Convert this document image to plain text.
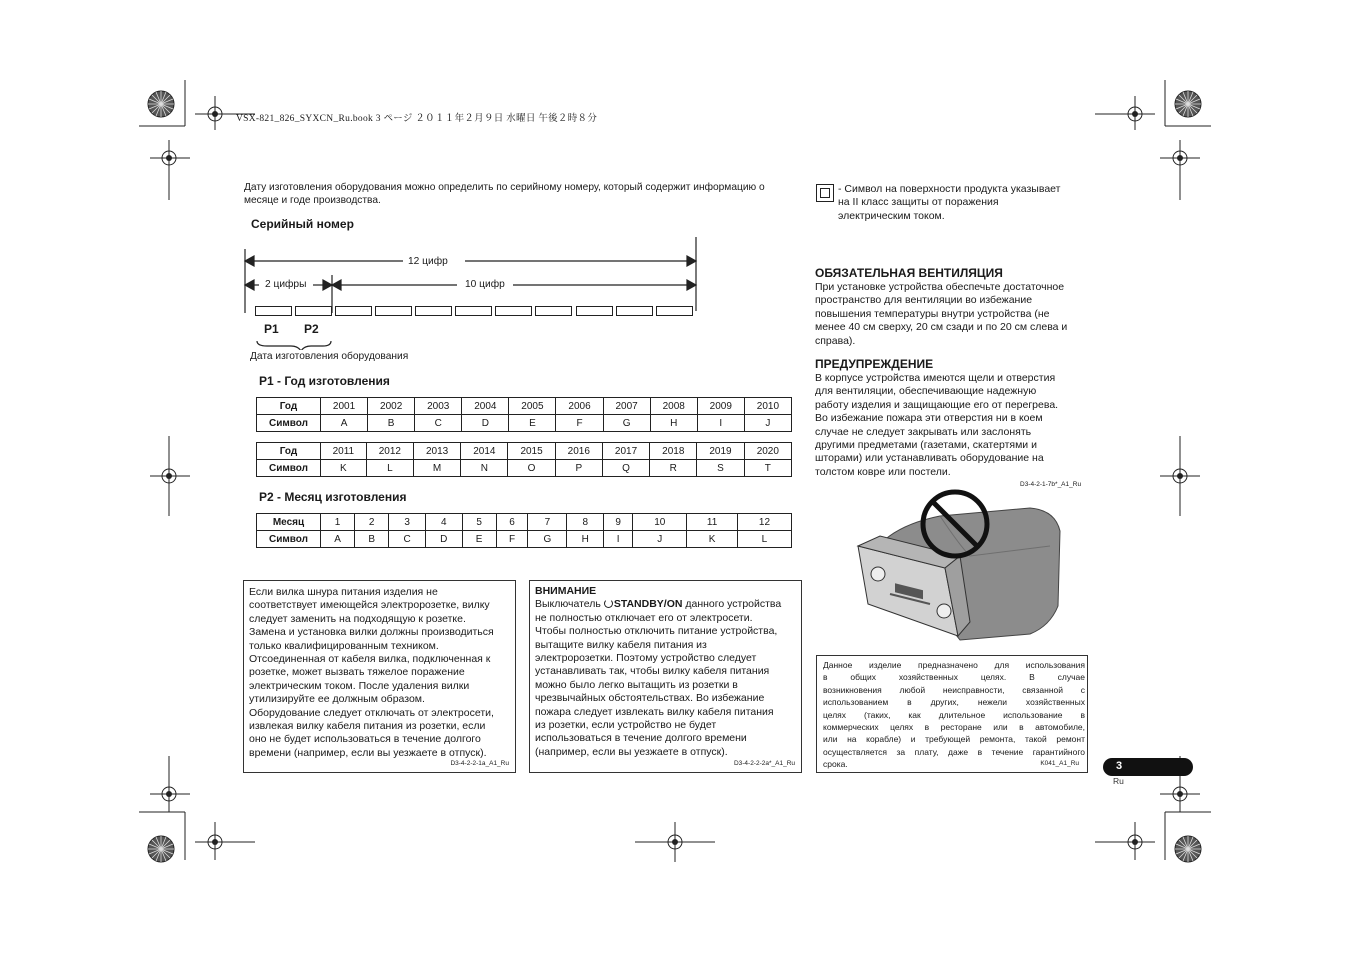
VSX-821_826_SYXCN_Ru.book 3 ページ ２０１１年２月９日 水曜日 午後２時８分
Дату изготовления оборудования можно определить по серийному номеру, который содержит информацию о месяце и годе производства.
Серийный номер
12 цифр
2 цифры	10 цифр
P1 P2
Дата изготовления оборудования
P1 - Год изготовления
Год	2001	2002	2003	2004	2005	2006	2007	2008	2009	2010
Символ	A	B	C	D	E	F	G	H	I	J
Год	2011	2012	2013	2014	2015	2016	2017	2018	2019	2020
Символ	K	L	M	N	O	P	Q	R	S	T
P2 - Месяц изготовления
Месяц	1	2	3	4	5	6	7	8	9	10	11	12
Символ	A	B	C	D	E	F	G	H	I	J	K	L
Если вилка шнура питания изделия не
соответствует имеющейся электророзетке, вилку
следует заменить на подходящую к розетке.
Замена и установка вилки должны производиться
только квалифицированным техником.
Отсоединенная от кабеля вилка, подключенная к
розетке, может вызвать тяжелое поражение
электрическим током. После удаления вилки
утилизируйте ее должным образом.
Оборудование следует отключать от электросети,
извлекая вилку кабеля питания из розетки, если
оно не будет использоваться в течение долгого
времени (например, если вы уезжаете в отпуск).
D3-4-2-2-1a_A1_Ru
ВНИМАНИЕ
Выключатель STANDBY/ON данного устройства
не полностью отключает его от электросети.
Чтобы полностью отключить питание устройства,
вытащите вилку кабеля питания из
электророзетки. Поэтому устройство следует
устанавливать так, чтобы вилку кабеля питания
можно было легко вытащить из розетки в
чрезвычайных обстоятельствах. Во избежание
пожара следует извлекать вилку кабеля питания
из розетки, если устройство не будет
использоваться в течение долгого времени
(например, если вы уезжаете в отпуск).
D3-4-2-2-2a*_A1_Ru
- Символ на поверхности продукта указывает
на II класс защиты от поражения
электрическим током.
ОБЯЗАТЕЛЬНАЯ ВЕНТИЛЯЦИЯ
При установке устройства обеспечьте достаточное
пространство для вентиляции во избежание
повышения температуры внутри устройства (не
менее 40 см сверху, 20 см сзади и по 20 см слева и
справа).
ПРЕДУПРЕЖДЕНИЕ
В корпусе устройства имеются щели и отверстия
для вентиляции, обеспечивающие надежную
работу изделия и защищающие его от перегрева.
Во избежание пожара эти отверстия ни в коем
случае не следует закрывать или заслонять
другими предметами (газетами, скатертями и
шторами) или устанавливать оборудование на
толстом ковре или постели.
D3-4-2-1-7b*_A1_Ru
Данное изделие предназначено для использования
в общих хозяйственных целях. В случае
возникновения любой неисправности, связанной с
использованием в других, нежели хозяйственных
целях (таких, как длительное использование в
коммерческих целях в ресторане или в автомобиле,
или на корабле) и требующей ремонта, такой ремонт
осуществляется за плату, даже в течение гарантийного
срока.	K041_A1_Ru	3
Ru
